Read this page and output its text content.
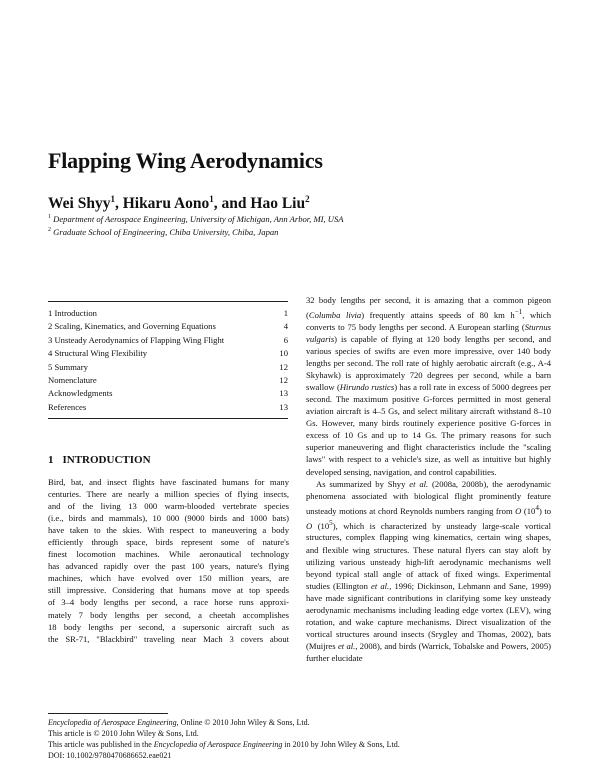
Flapping Wing Aerodynamics

Wei Shyy$^1$, Hikaru Aono$^1$, and Hao Liu$^2$

$^1$ Department of Aerospace Engineering, University of Michigan, Ann Arbor, MI, USA

$^2$ Graduate School of Engineering, Chiba University, Chiba, Japan

1 Introduction	1
2 Scaling, Kinematics, and Governing Equations	4
3 Unsteady Aerodynamics of Flapping Wing Flight	6
4 Structural Wing Flexibility	10
5 Summary	12
Nomenclature	12
Acknowledgments	13
References	13
1 INTRODUCTION
Bird, bat, and insect flights have fascinated humans for many
centuries. There are nearly a million species of flying insects,
and of the living 13 000 warm-blooded vertebrate species
(i.e., birds and mammals), 10 000 (9000 birds and 1000 bats)
have taken to the skies. With respect to maneuvering a body
efficiently through space, birds represent some of nature's
finest locomotion machines. While aeronautical technology
has advanced rapidly over the past 100 years, nature's flying
machines, which have evolved over 150 million years, are
still impressive. Considering that humans move at top speeds
of 3–4 body lengths per second, a race horse runs approxi-
mately 7 body lengths per second, a cheetah accomplishes
18 body lengths per second, a supersonic aircraft such as
the SR-71, "Blackbird" traveling near Mach 3 covers about

32 body lengths per second, it is amazing that a common pigeon (Columba livia) frequently attains speeds of 80 km $h^{-1}$, which converts to 75 body lengths per second. A European starling (Sturnus vulgaris) is capable of flying at 120 body lengths per second, and various species of swifts are even more impressive, over 140 body lengths per second. The roll rate of highly aerobatic aircraft (e.g., A-4 Skyhawk) is approximately 720 degrees per second, while a barn swallow (Hirundo rustics) has a roll rate in excess of 5000 degrees per second. The maximum positive G-forces permitted in most general aviation aircraft is 4–5 Gs, and select military aircraft withstand 8–10 Gs. However, many birds routinely experience positive G-forces in excess of 10 Gs and up to 14 Gs. The primary reasons for such superior maneuvering and flight characteristics include the "scaling laws" with respect to a vehicle's size, as well as intuitive but highly developed sensing, navigation, and control capabilities.

As summarized by Shyy et al. (2008a, 2008b), the aerodynamic phenomena associated with biological flight prominently feature unsteady motions at chord Reynolds numbers ranging from O $(10^4)$ to O $(10^5)$, which is characterized by unsteady large-scale vortical structures, complex flapping wing kinematics, certain wing shapes, and flexible wing structures. These natural flyers can stay aloft by utilizing various unsteady high-lift aerodynamic mechanisms well beyond typical stall angle of attack of fixed wings. Experimental studies (Ellington et al., 1996; Dickinson, Lehmann and Sane, 1999) have made significant contributions in clarifying some key unsteady aerodynamic mechanisms including leading edge vortex (LEV), wing rotation, and wake capture mechanisms. Direct visualization of the vortical structures around insects (Srygley and Thomas, 2002), bats (Muijres et al., 2008), and birds (Warrick, Tobalske and Powers, 2005) further elucidate

Encyclopedia of Aerospace Engineering, Online © 2010 John Wiley & Sons, Ltd.
This article is © 2010 John Wiley & Sons, Ltd.
This article was published in the Encyclopedia of Aerospace Engineering in 2010 by John Wiley & Sons, Ltd.
DOI: 10.1002/9780470686652.eae021
